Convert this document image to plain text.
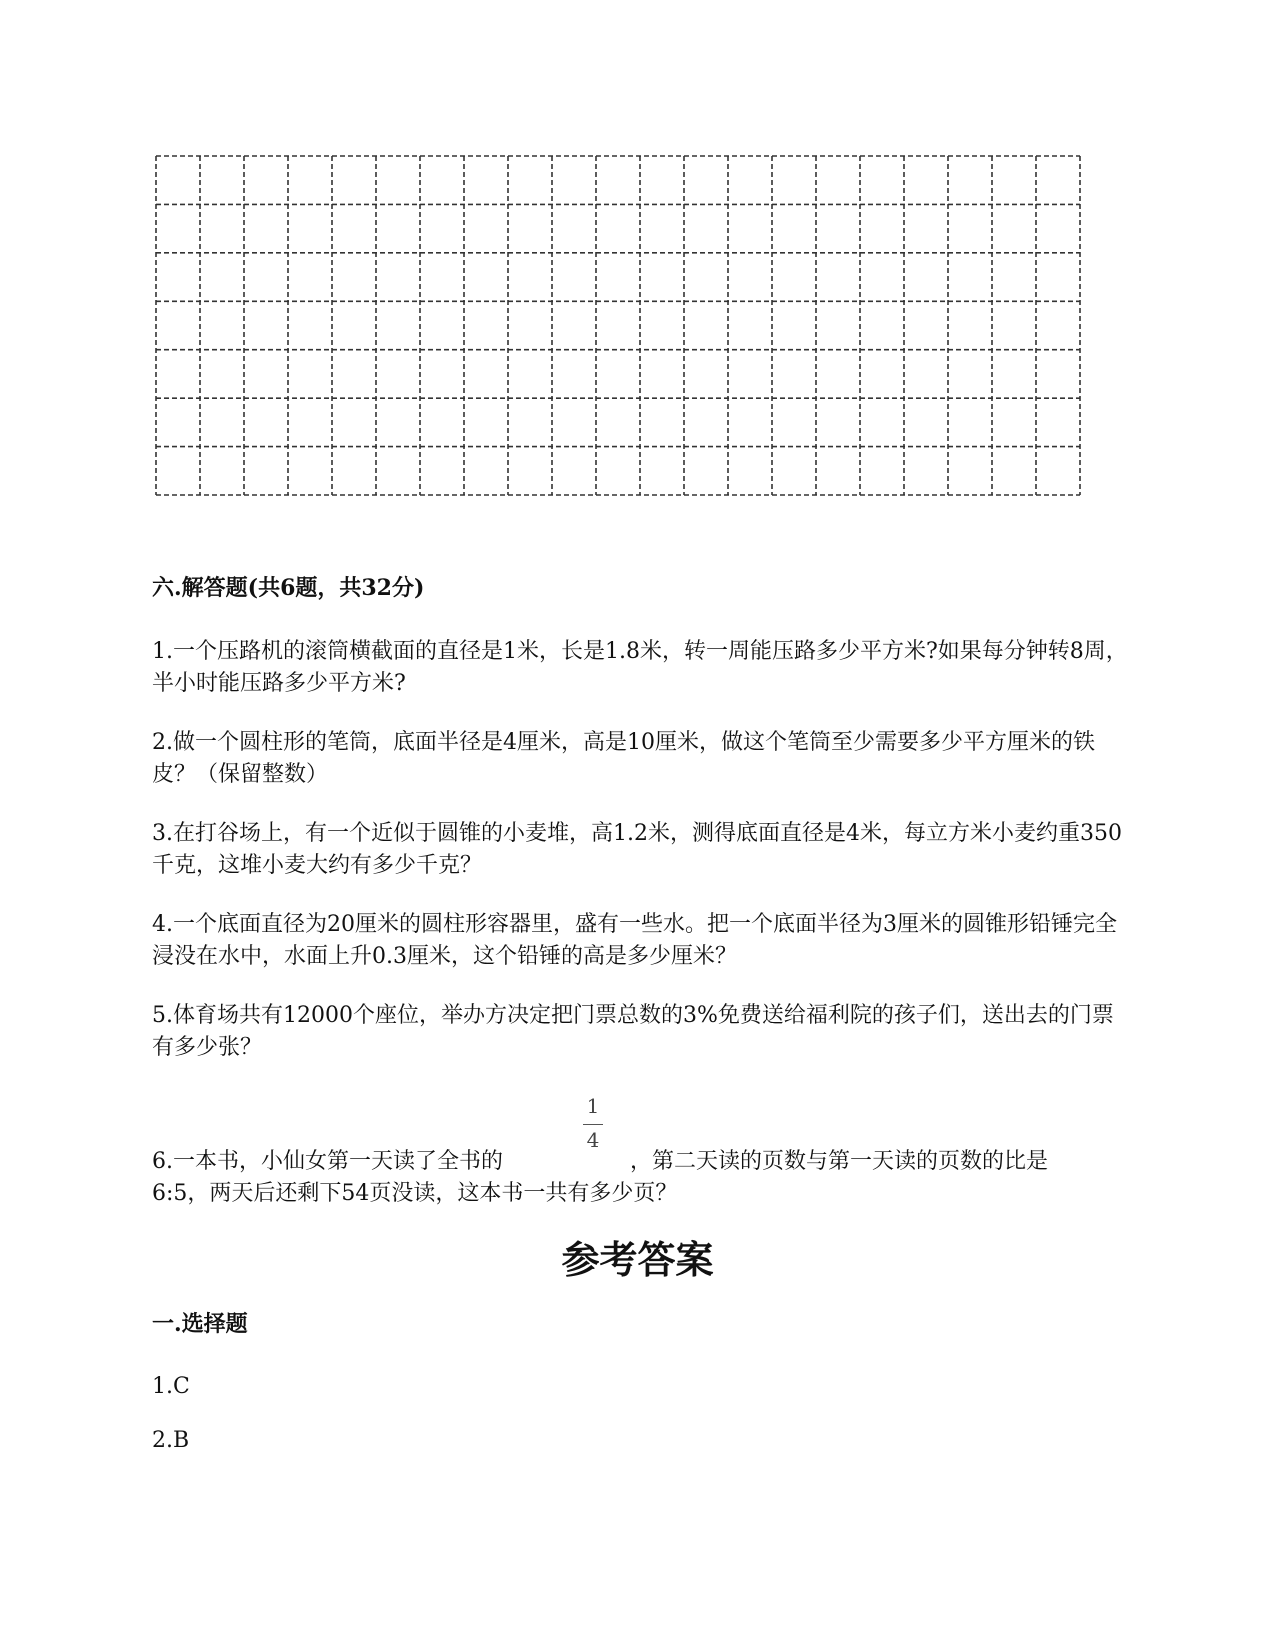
六.解答题(共6题，共32分)

1.一个压路机的滚筒横截面的直径是1米，长是1.8米，转一周能压路多少平方米?如果每分钟转8周，半小时能压路多少平方米?

2.做一个圆柱形的笔筒，底面半径是4厘米，高是10厘米，做这个笔筒至少需要多少平方厘米的铁皮？（保留整数）

3.在打谷场上，有一个近似于圆锥的小麦堆，高1.2米，测得底面直径是4米，每立方米小麦约重350千克，这堆小麦大约有多少千克？

4.一个底面直径为20厘米的圆柱形容器里，盛有一些水。把一个底面半径为3厘米的圆锥形铅锤完全浸没在水中，水面上升0.3厘米，这个铅锤的高是多少厘米？

5.体育场共有12000个座位，举办方决定把门票总数的3%免费送给福利院的孩子们，送出去的门票有多少张？

6.一本书，小仙女第一天读了全书的

1
4

，第二天读的页数与第一天读的页数的比是

6:5，两天后还剩下54页没读，这本书一共有多少页？

参考答案
一.选择题

1.C

2.B
